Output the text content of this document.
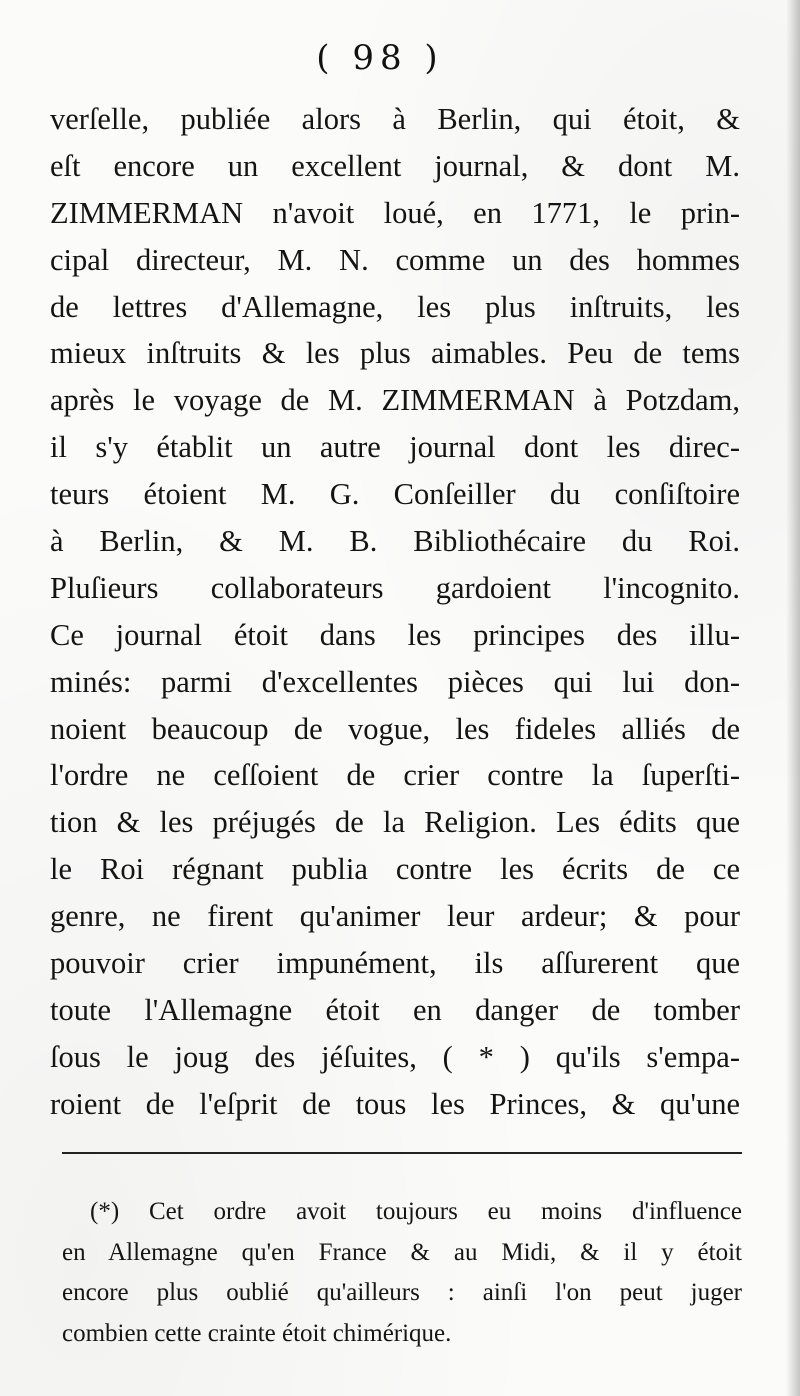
( 98 )
verſelle, publiée alors à Berlin, qui étoit, &
eſt encore un excellent journal, & dont M.
ZIMMERMAN n'avoit loué, en 1771, le prin-
cipal directeur, M. N. comme un des hommes
de lettres d'Allemagne, les plus inſtruits, les
mieux inſtruits & les plus aimables. Peu de tems
après le voyage de M. ZIMMERMAN à Potzdam,
il s'y établit un autre journal dont les direc-
teurs étoient M. G. Conſeiller du conſiſtoire
à Berlin, & M. B. Bibliothécaire du Roi.
Pluſieurs collaborateurs gardoient l'incognito.
Ce journal étoit dans les principes des illu-
minés: parmi d'excellentes pièces qui lui don-
noient beaucoup de vogue, les fideles alliés de
l'ordre ne ceſſoient de crier contre la ſuperſti-
tion & les préjugés de la Religion. Les édits que
le Roi régnant publia contre les écrits de ce
genre, ne firent qu'animer leur ardeur; & pour
pouvoir crier impunément, ils aſſurerent que
toute l'Allemagne étoit en danger de tomber
ſous le joug des jéſuites, ( * ) qu'ils s'empa-
roient de l'eſprit de tous les Princes, & qu'une
(*) Cet ordre avoit toujours eu moins d'influence
en Allemagne qu'en France & au Midi, & il y étoit
encore plus oublié qu'ailleurs : ainſi l'on peut juger
combien cette crainte étoit chimérique.
